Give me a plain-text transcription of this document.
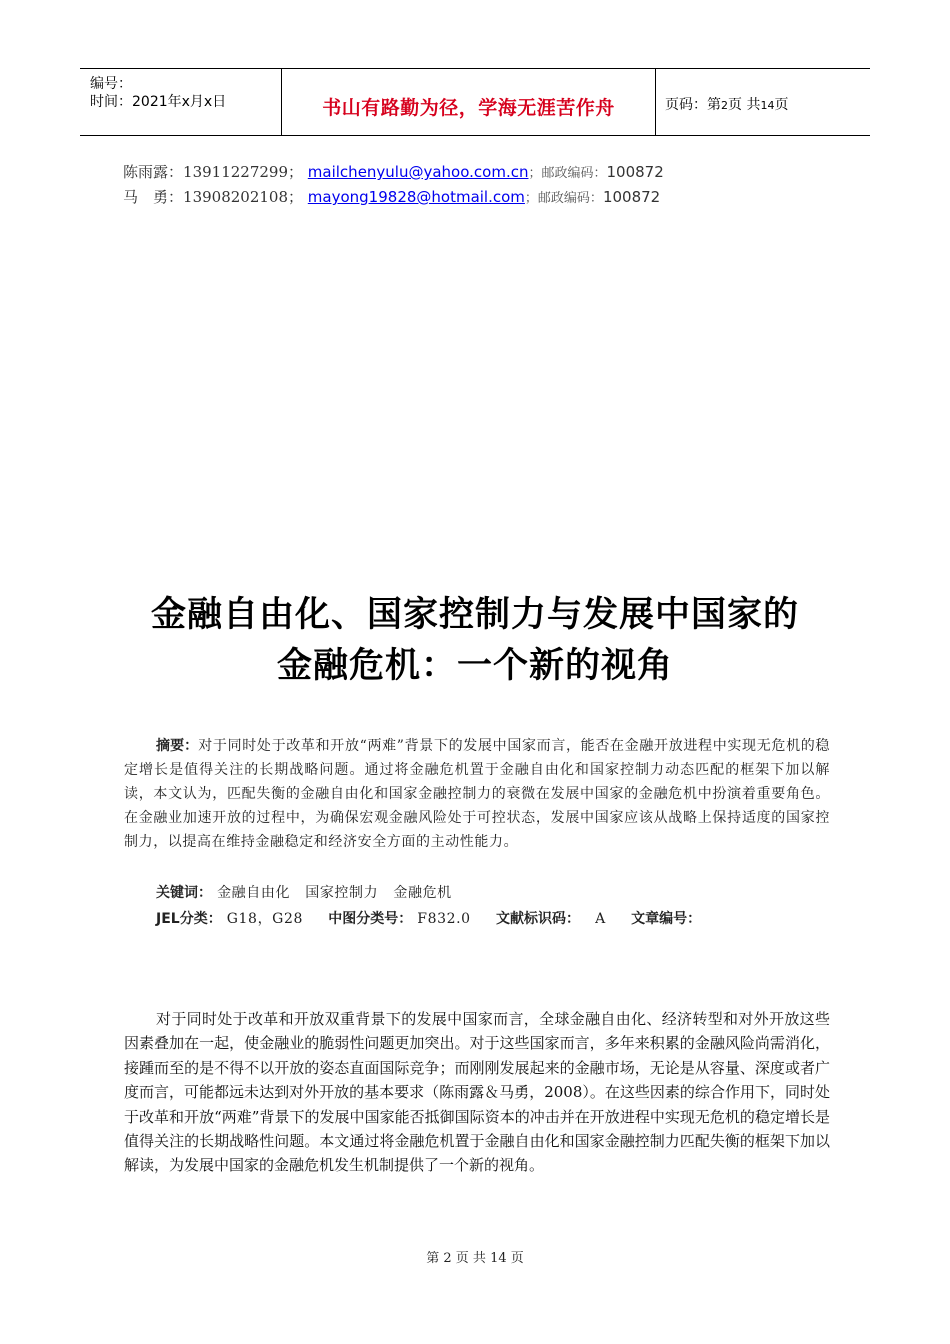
编号：
时间：2021年x月x日	书山有路勤为径，学海无涯苦作舟	页码：第2页 共14页
陈雨露：13911227299； mailchenyulu@yahoo.com.cn；邮政编码：100872
马　勇：13908202108； mayong19828@hotmail.com；邮政编码：100872
金融自由化、国家控制力与发展中国家的
金融危机：一个新的视角

摘要：对于同时处于改革和开放“两难”背景下的发展中国家而言，能否在金融开放进程中实现无危机的稳定增长是值得关注的长期战略问题。通过将金融危机置于金融自由化和国家控制力动态匹配的框架下加以解读，本文认为，匹配失衡的金融自由化和国家金融控制力的衰微在发展中国家的金融危机中扮演着重要角色。在金融业加速开放的过程中，为确保宏观金融风险处于可控状态，发展中国家应该从战略上保持适度的国家控制力，以提高在维持金融稳定和经济安全方面的主动性能力。

关键词： 金融自由化 国家控制力 金融危机
JEL分类： G18，G28 中图分类号： F832.0 文献标识码： A 文章编号：

对于同时处于改革和开放双重背景下的发展中国家而言，全球金融自由化、经济转型和对外开放这些因素叠加在一起，使金融业的脆弱性问题更加突出。对于这些国家而言，多年来积累的金融风险尚需消化，接踵而至的是不得不以开放的姿态直面国际竞争；而刚刚发展起来的金融市场，无论是从容量、深度或者广度而言，可能都远未达到对外开放的基本要求（陈雨露＆马勇，2008）。在这些因素的综合作用下，同时处于改革和开放“两难”背景下的发展中国家能否抵御国际资本的冲击并在开放进程中实现无危机的稳定增长是值得关注的长期战略性问题。本文通过将金融危机置于金融自由化和国家金融控制力匹配失衡的框架下加以解读，为发展中国家的金融危机发生机制提供了一个新的视角。

第 2 页 共 14 页
